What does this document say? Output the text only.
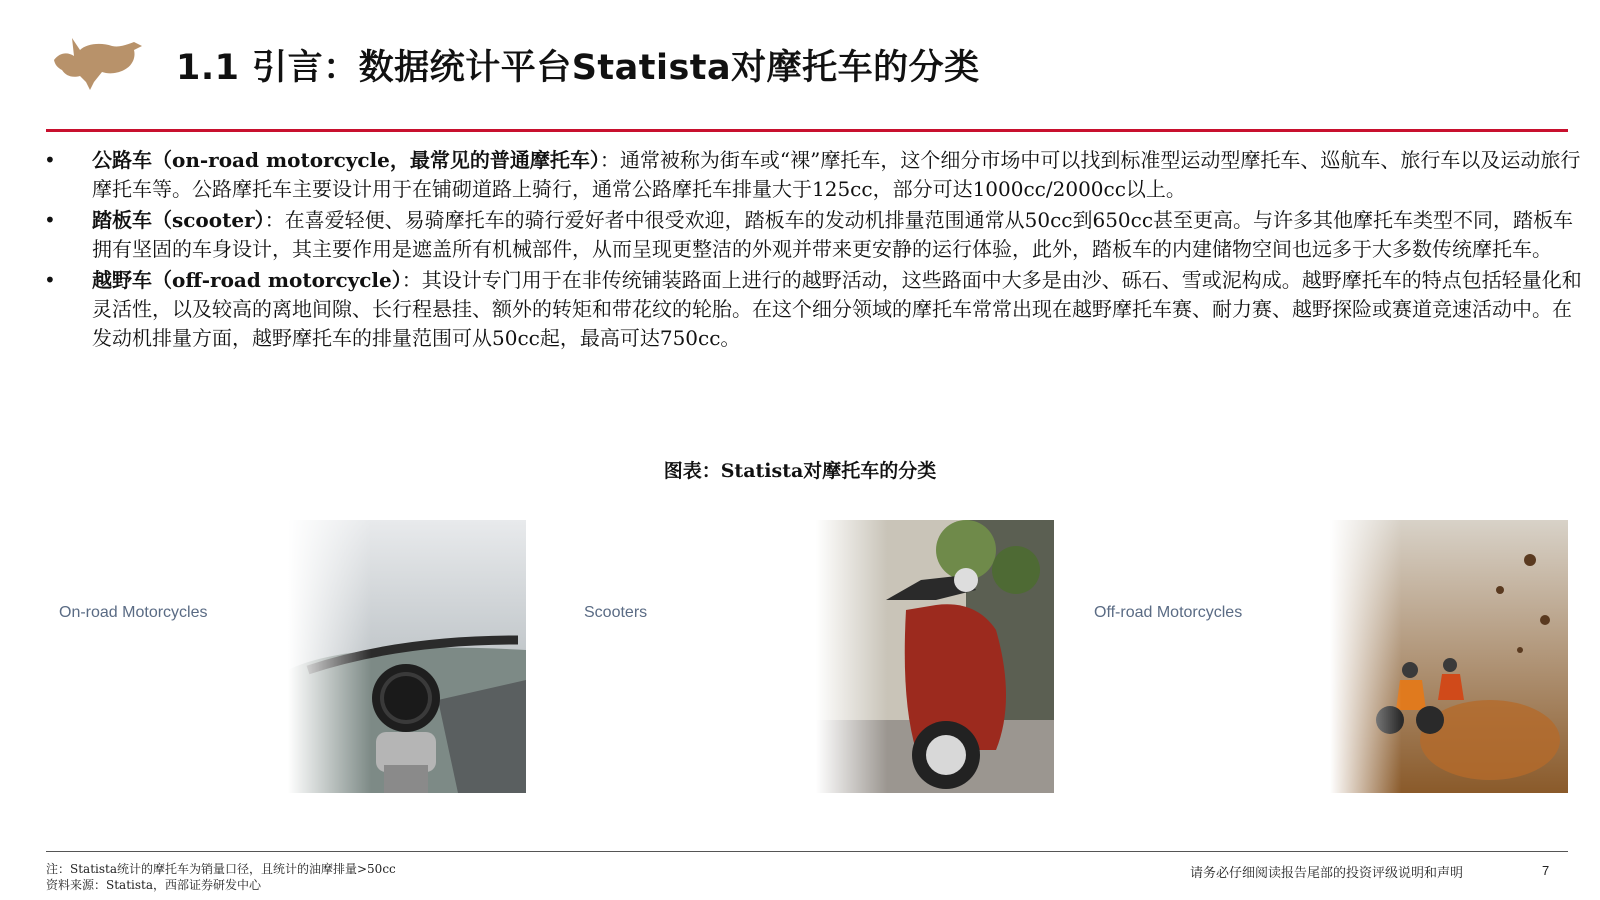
1.1 引言：数据统计平台Statista对摩托车的分类
• 公路车（on-road motorcycle，最常见的普通摩托车）：通常被称为街车或“裸”摩托车，这个细分市场中可以找到标准型运动型摩托车、巡航车、旅行车以及运动旅行摩托车等。公路摩托车主要设计用于在铺砌道路上骑行，通常公路摩托车排量大于125cc，部分可达1000cc/2000cc以上。
• 踏板车（scooter）：在喜爱轻便、易骑摩托车的骑行爱好者中很受欢迎，踏板车的发动机排量范围通常从50cc到650cc甚至更高。与许多其他摩托车类型不同，踏板车拥有坚固的车身设计，其主要作用是遮盖所有机械部件，从而呈现更整洁的外观并带来更安静的运行体验，此外，踏板车的内建储物空间也远多于大多数传统摩托车。
• 越野车（off-road motorcycle）：其设计专门用于在非传统铺装路面上进行的越野活动，这些路面中大多是由沙、砾石、雪或泥构成。越野摩托车的特点包括轻量化和灵活性，以及较高的离地间隙、长行程悬挂、额外的转矩和带花纹的轮胎。在这个细分领域的摩托车常常出现在越野摩托车赛、耐力赛、越野探险或赛道竞速活动中。在发动机排量方面，越野摩托车的排量范围可从50cc起，最高可达750cc。
图表：Statista对摩托车的分类
On-road Motorcycles	Scooters	Off-road Motorcycles
注：Statista统计的摩托车为销量口径，且统计的油摩排量>50cc
资料来源：Statista，西部证券研发中心
请务必仔细阅读报告尾部的投资评级说明和声明	7
